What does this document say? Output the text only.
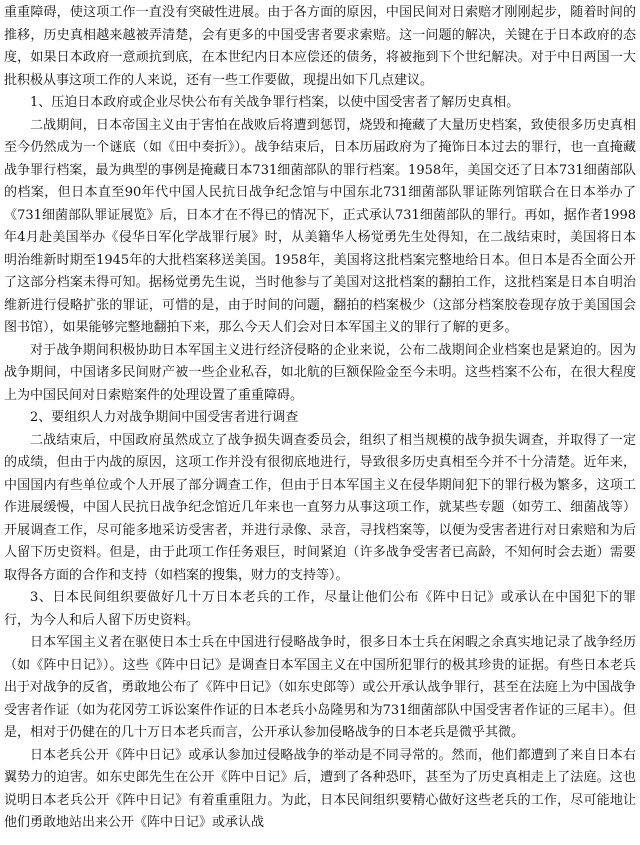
重重障碍，使这项工作一直没有突破性进展。由于各方面的原因，中国民间对日索赔才刚刚起步，随着时间的推移，历史真相越来越被弄清楚，会有更多的中国受害者要求索赔。这一问题的解决，关键在于日本政府的态度，如果日本政府一意顽抗到底，在本世纪内日本应偿还的债务，将被拖到下个世纪解决。对于中日两国一大批积极从事这项工作的人来说，还有一些工作要做，现提出如下几点建议。

1、压迫日本政府或企业尽快公布有关战争罪行档案，以使中国受害者了解历史真相。

二战期间，日本帝国主义由于害怕在战败后将遭到惩罚，烧毁和掩藏了大量历史档案，致使很多历史真相至今仍然成为一个谜底（如《田中奏折》）。战争结束后，日本历届政府为了掩饰日本过去的罪行，也一直掩藏战争罪行档案，最为典型的事例是掩藏日本731细菌部队的罪行档案。1958年，美国交还了日本731细菌部队的档案，但日本直至90年代中国人民抗日战争纪念馆与中国东北731细菌部队罪证陈列馆联合在日本举办了《731细菌部队罪证展览》后，日本才在不得已的情况下，正式承认731细菌部队的罪行。再如，据作者1998年4月赴美国举办《侵华日军化学战罪行展》时，从美籍华人杨觉勇先生处得知，在二战结束时，美国将日本明治维新时期至1945年的大批档案移送美国。1958年，美国将这批档案完整地给日本。但日本是否全面公开了这部分档案未得可知。据杨觉勇先生说，当时他参与了美国对这批档案的翻拍工作，这批档案是日本自明治维新进行侵略扩张的罪证，可惜的是，由于时间的问题，翻拍的档案极少（这部分档案胶卷现存放于美国国会图书馆），如果能够完整地翻拍下来，那么今天人们会对日本军国主义的罪行了解的更多。

对于战争期间积极协助日本军国主义进行经济侵略的企业来说，公布二战期间企业档案也是紧迫的。因为战争期间，中国诸多民间财产被一些企业私吞，如北航的巨额保险金至今未明。这些档案不公布，在很大程度上为中国民间对日索赔案件的处理设置了重重障碍。

2、要组织人力对战争期间中国受害者进行调查

二战结束后，中国政府虽然成立了战争损失调查委员会，组织了相当规模的战争损失调查，并取得了一定的成绩，但由于内战的原因，这项工作并没有很彻底地进行，导致很多历史真相至今并不十分清楚。近年来，中国国内有些单位或个人开展了部分调查工作，但由于日本军国主义在侵华期间犯下的罪行极为繁多，这项工作进展缓慢，中国人民抗日战争纪念馆近几年来也一直努力从事这项工作，就某些专题（如劳工、细菌战等）开展调查工作，尽可能多地采访受害者，并进行录像、录音，寻找档案等，以便为受害者进行对日索赔和为后人留下历史资料。但是，由于此项工作任务艰巨，时间紧迫（许多战争受害者已高龄，不知何时会去逝）需要取得各方面的合作和支持（如档案的搜集，财力的支持等）。

3、日本民间组织要做好几十万日本老兵的工作，尽量让他们公布《阵中日记》或承认在中国犯下的罪行，为今人和后人留下历史资料。

日本军国主义者在驱使日本士兵在中国进行侵略战争时，很多日本士兵在闲暇之余真实地记录了战争经历（如《阵中日记》）。这些《阵中日记》是调查日本军国主义在中国所犯罪行的极其珍贵的证据。有些日本老兵出于对战争的反省，勇敢地公布了《阵中日记》（如东史郎等）或公开承认战争罪行，甚至在法庭上为中国战争受害者作证（如为花冈劳工诉讼案件作证的日本老兵小岛隆男和为731细菌部队中国受害者作证的三尾丰）。但是，相对于仍健在的几十万日本老兵而言，公开承认参加侵略战争的日本老兵是微乎其微。

日本老兵公开《阵中日记》或承认参加过侵略战争的举动是不同寻常的。然而，他们都遭到了来自日本右翼势力的迫害。如东史郎先生在公开《阵中日记》后，遭到了各种恐吓，甚至为了历史真相走上了法庭。这也说明日本老兵公开《阵中日记》有着重重阻力。为此，日本民间组织要精心做好这些老兵的工作，尽可能地让他们勇敢地站出来公开《阵中日记》或承认战
